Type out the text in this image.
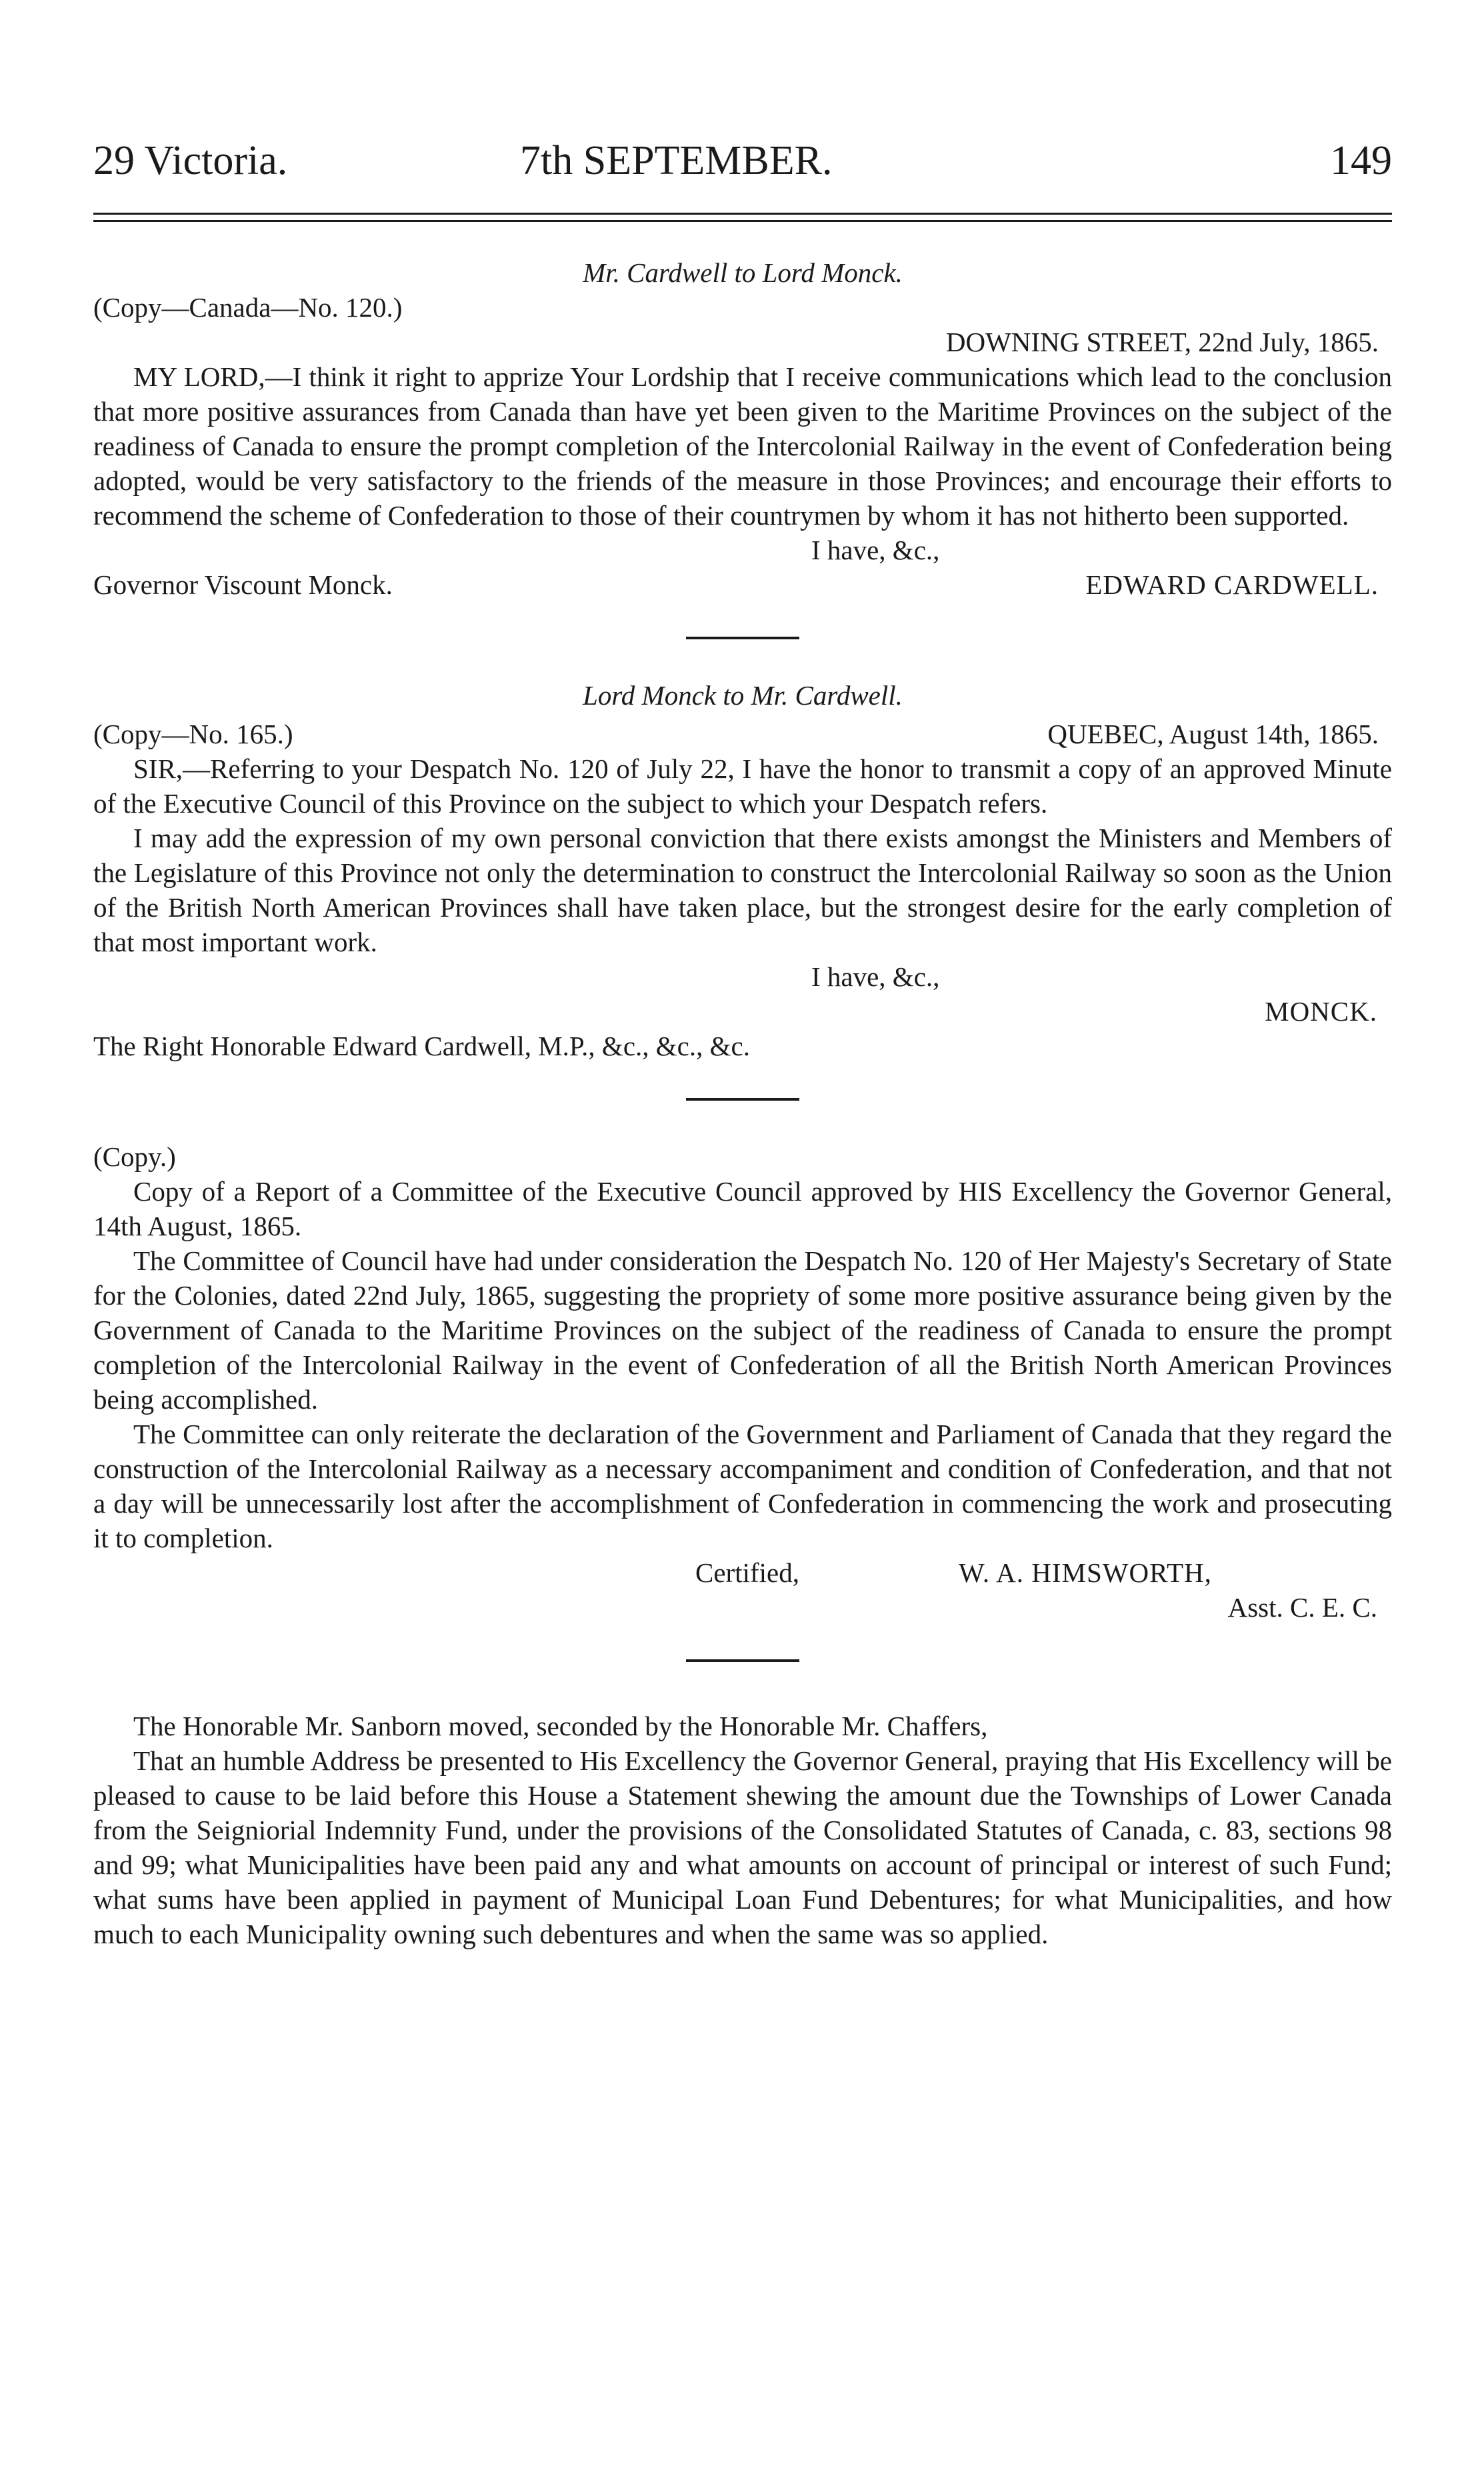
29 Victoria.	7th SEPTEMBER.	149
Mr. Cardwell to Lord Monck.
(Copy—Canada—No. 120.)
DOWNING STREET, 22nd July, 1865.

MY LORD,—I think it right to apprize Your Lordship that I receive communications which lead to the conclusion that more positive assurances from Canada than have yet been given to the Maritime Provinces on the subject of the readiness of Canada to ensure the prompt completion of the Intercolonial Railway in the event of Confederation being adopted, would be very satisfactory to the friends of the measure in those Provinces; and encourage their efforts to recommend the scheme of Confederation to those of their countrymen by whom it has not hitherto been supported.

I have, &c.,
Governor Viscount Monck.	EDWARD CARDWELL.
Lord Monck to Mr. Cardwell.
(Copy—No. 165.)	QUEBEC, August 14th, 1865.

SIR,—Referring to your Despatch No. 120 of July 22, I have the honor to transmit a copy of an approved Minute of the Executive Council of this Province on the subject to which your Despatch refers.

I may add the expression of my own personal conviction that there exists amongst the Ministers and Members of the Legislature of this Province not only the determination to construct the Intercolonial Railway so soon as the Union of the British North American Provinces shall have taken place, but the strongest desire for the early completion of that most important work.

I have, &c.,
MONCK.
The Right Honorable Edward Cardwell, M.P., &c., &c., &c.
(Copy.)

Copy of a Report of a Committee of the Executive Council approved by HIS Excellency the Governor General, 14th August, 1865.

The Committee of Council have had under consideration the Despatch No. 120 of Her Majesty's Secretary of State for the Colonies, dated 22nd July, 1865, suggesting the propriety of some more positive assurance being given by the Government of Canada to the Maritime Provinces on the subject of the readiness of Canada to ensure the prompt completion of the Intercolonial Railway in the event of Confederation of all the British North American Provinces being accomplished.

The Committee can only reiterate the declaration of the Government and Parliament of Canada that they regard the construction of the Intercolonial Railway as a necessary accompaniment and condition of Confederation, and that not a day will be unnecessarily lost after the accomplishment of Confederation in commencing the work and prosecuting it to completion.

Certified,	W. A. HIMSWORTH,
Asst. C. E. C.

The Honorable Mr. Sanborn moved, seconded by the Honorable Mr. Chaffers,

That an humble Address be presented to His Excellency the Governor General, praying that His Excellency will be pleased to cause to be laid before this House a Statement shewing the amount due the Townships of Lower Canada from the Seigniorial Indemnity Fund, under the provisions of the Consolidated Statutes of Canada, c. 83, sections 98 and 99; what Municipalities have been paid any and what amounts on account of principal or interest of such Fund; what sums have been applied in payment of Municipal Loan Fund Debentures; for what Municipalities, and how much to each Municipality owning such debentures and when the same was so applied.
